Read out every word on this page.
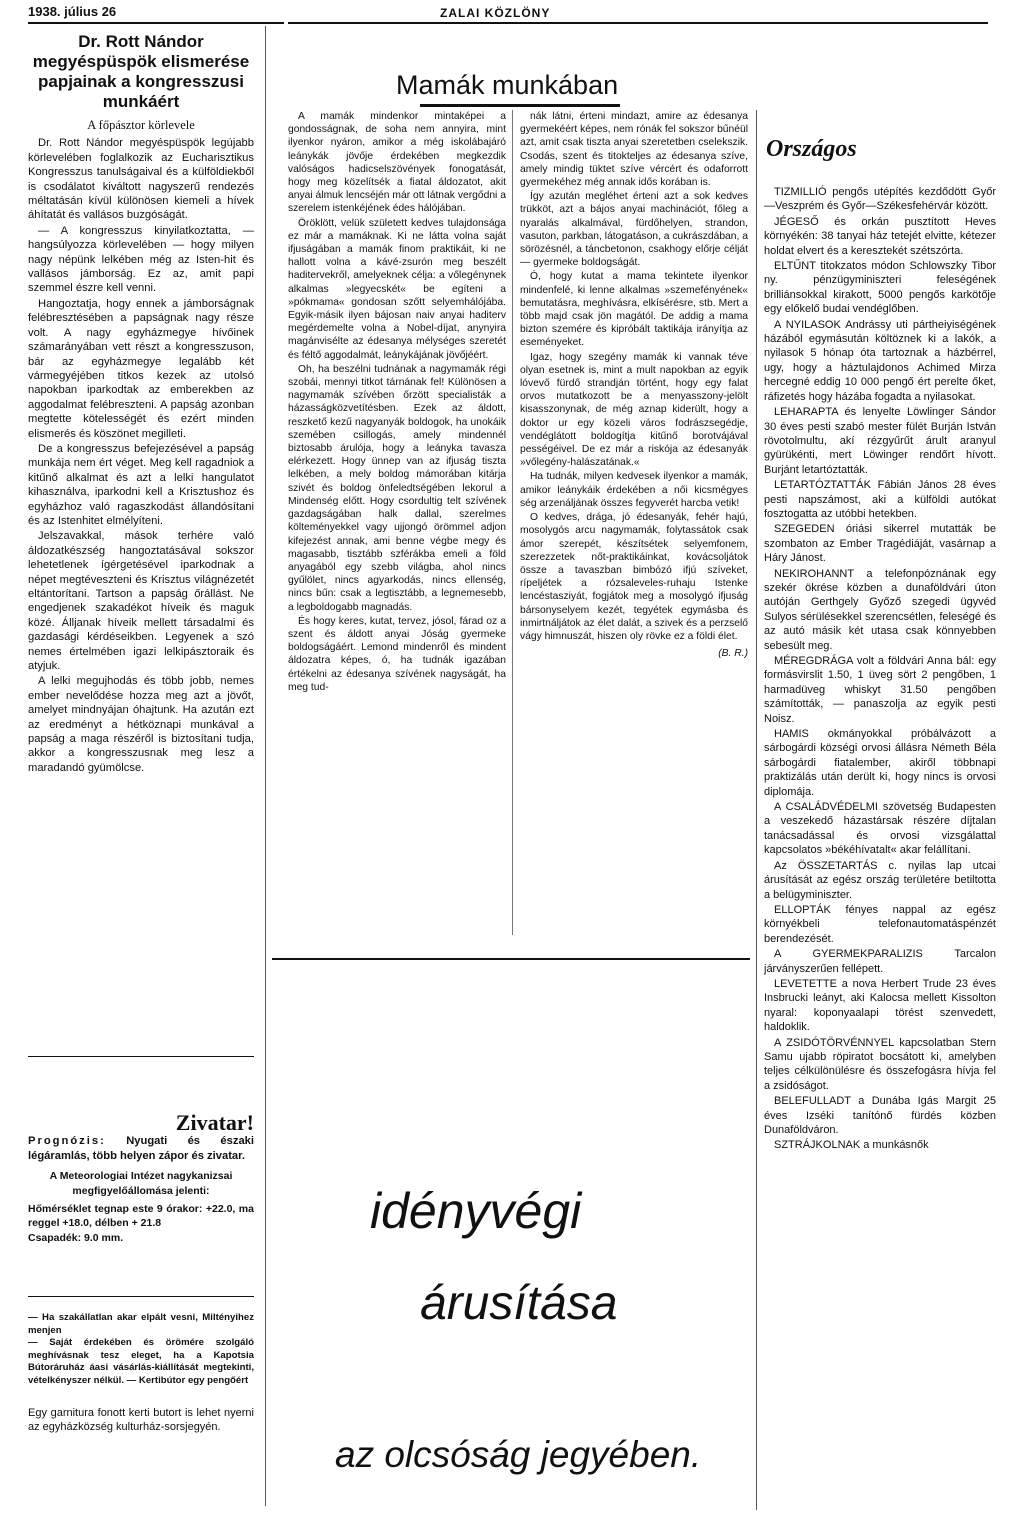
1938. július 26	ZALAI KÖZLÖNY
Dr. Rott Nándor megyéspüspök elismerése papjainak a kongresszusi munkáért
A főpásztor körlevele

Dr. Rott Nándor megyéspüspök legújabb körlevelében foglalkozik az Eucharisztikus Kongresszus tanulságaival és a külföldiekből is csodálatot kiváltott nagyszerű rendezés méltatásán kívül különösen kiemeli a hívek áhítatát és vallásos buzgóságát.

— A kongresszus kinyilatkoztatta, — hangsúlyozza körlevelében — hogy milyen nagy népünk lelkében még az Isten-hit és vallásos jámborság. Ez az, amit papi szemmel észre kell venni.

Hangoztatja, hogy ennek a jámborságnak felébresztésében a papságnak nagy része volt. A nagy egyházmegye hívőinek számarányában vett részt a kongresszuson, bár az egyházmegye legalább két vármegyéjében titkos kezek az utolsó napokban iparkodtak az emberekben az aggodalmat felébreszteni. A papság azonban megtette kötelességét és ezért minden elismerés és köszönet megilleti.

De a kongresszus befejezésével a papság munkája nem ért véget. Meg kell ragadniok a kitűnő alkalmat és azt a lelki hangulatot kihasználva, iparkodni kell a Krisztushoz és egyházhoz való ragaszkodást állandósítani és az Istenhitet elmélyíteni.

Jelszavakkal, mások terhére való áldozatkészség hangoztatásával sokszor lehetetlenek ígérgetésével iparkodnak a népet megtéveszteni és Krisztus világnézetét eltántorítani. Tartson a papság őrállást. Ne engedjenek szakadékot híveik és maguk közé. Álljanak híveik mellett társadalmi és gazdasági kérdéseikben. Legyenek a szó nemes értelmében igazi lelkipásztoraik és atyjuk.

A lelki megujhodás és több jobb, nemes ember nevelődése hozza meg azt a jövőt, amelyet mindnyájan óhajtunk. Ha azután ezt az eredményt a hétköznapi munkával a papság a maga részéről is biztosítani tudja, akkor a kongresszusnak meg lesz a maradandó gyümölcse.

Zivatar!
Prognózis: Nyugati és északi légáramlás, több helyen zápor és zivatar.
A Meteorologiai Intézet nagykanizsai megfigyelőállomása jelenti:
Hőmérséklet tegnap este 9 órakor: +22.0, ma reggel +18.0, délben + 21.8
Csapadék: 9.0 mm.
— Ha szakállatlan akar elpált vesni, Miltényihez menjen
— Saját érdekében és örömére szolgáló meghívásnak tesz eleget, ha a Kapotsia Bútoráruház áasi vásárlás-kiállítását megtekinti, vételkényszer nélkül. — Kertibútor egy pengőért
Egy garnitura fonott kerti butort is lehet nyerni az egyházközség kulturház-sorsjegyén.
Mamák munkában

A mamák mindenkor mintaképei a gondosságnak, de soha nem annyira, mint ilyenkor nyáron, amikor a még iskolábajáró leánykák jövője érdekében megkezdik valóságos hadicselszövények fonogatását, hogy meg közelítsék a fiatal áldozatot, akit anyai álmuk lencséjén már ott látnak vergődni a szerelem istenkéjének édes hálójában.

Öröklött, velük született kedves tulajdonsága ez már a mamáknak. Ki ne látta volna saját ifjuságában a mamák finom praktikáit, ki ne hallott volna a kávé-zsurón meg beszélt haditervekről, amelyeknek célja: a vőlegénynek alkalmas »legyecskét« be egíteni a »pókmama« gondosan szőtt selyemhálójába. Egyik-másik ilyen bájosan naiv anyai haditerv megérdemelte volna a Nobel-díjat, anynyira magánvisélte az édesanya mélységes szeretét és féltő aggodalmát, leánykájának jövőjéért.

Oh, ha beszélni tudnának a nagymamák régi szobái, mennyi titkot tárnának fel! Különösen a nagymamák szívében őrzött specialisták a házasságközvetítésben. Ezek az áldott, reszkető kezű nagyanyák boldogok, ha unokáik szemében csillogás, amely mindennél biztosabb árulója, hogy a leányka tavasza elérkezett. Hogy ünnep van az ifjuság tiszta lelkében, a mely boldog mámorában kitárja szivét és boldog önfeledtségében lekorul a Mindenség előtt. Hogy csordultig telt szívének gazdagságában halk dallal, szerelmes költeményekkel vagy ujjongó örömmel adjon kifejezést annak, ami benne végbe megy és magasabb, tisztább szférákba emeli a föld anyagából egy szebb világba, ahol nincs gyűlölet, nincs agyarkodás, nincs ellenség, nincs bűn: csak a legtisztább, a legnemesebb, a legboldogabb magnadás.

És hogy keres, kutat, tervez, jósol, fárad oz a szent és áldott anyai Jóság gyermeke boldogságáért. Lemond mindenről és mindent áldozatra képes, ó, ha tudnák igazában értékelni az édesanya szívének nagyságát, ha meg tud-

nák látni, érteni mindazt, amire az édesanya gyermekéért képes, nem rónák fel sokszor bűnéül azt, amit csak tiszta anyai szeretetben cselekszik. Csodás, szent és titokteljes az édesanya szíve, amely mindig tüktet szíve vércért és odaforrott gyermekéhez még annak idős korában is.

Így azután megléhet érteni azt a sok kedves trükköt, azt a bájos anyai machinációt, főleg a nyaralás alkalmával, fürdőhelyen, strandon, vasuton, parkban, látogatáson, a cukrászdában, a sörözésnél, a táncbetonon, csakhogy előrje célját — gyermeke boldogságát.

Ó, hogy kutat a mama tekintete ilyenkor mindenfelé, ki lenne alkalmas »szemefényének« bemutatásra, meghívásra, elkísérésre, stb. Mert a több majd csak jön magától. De addig a mama bizton szemére és kipróbált taktikája irányítja az eseményeket.

Igaz, hogy szegény mamák ki vannak téve olyan esetnek is, mint a mult napokban az egyik lóvevő fürdő strandján történt, hogy egy falat orvos mutatkozott be a menyasszony-jelölt kisasszonynak, de még aznap kiderült, hogy a doktor ur egy közeli város fodrászsegédje, vendéglátott boldogítja kitűnő borotvájával pességéivel. De ez már a riskója az édesanyák »vőlegény-halászatának.«

Ha tudnák, milyen kedvesek ilyenkor a mamák, amikor leánykáik érdekében a női kicsmégyes ség arzenáljának összes fegyverét harcba vetik!

O kedves, drága, jó édesanyák, fehér hajú, mosolygós arcu nagymamák, folytassátok csak ámor szerepét, készítsétek selyemfonem, szerezzetek nőt-praktikáinkat, kovácsoljátok össze a tavaszban bimbózó ifjú szíveket, rípeljétek a rózsaleveles-ruhaju Istenke lencéstasziyát, fogjátok meg a mosolygó ifjuság bársonyselyem kezét, tegyétek egymásba és inmirtnáljátok az élet dalát, a szivek és a perzselő vágy himnuszát, hiszen oly rövke ez a földi élet.

(B. R.)
idényvégi
árusítása
az olcsóság jegyében.
Országos

TIZMILLIÓ pengős utépítés kezdődött Győr—Veszprém és Győr—Székesfehérvár között.

JÉGESŐ és orkán pusztított Heves környékén: 38 tanyai ház tetejét elvitte, kétezer holdat elvert és a keresztekét szétszórta.

ELTŰNT titokzatos módon Schlowszky Tibor ny. pénzügyminiszteri feleségének brilliánsokkal kirakott, 5000 pengős karkötője egy előkelő budai vendéglőben.

A NYILASOK Andrássy uti pártheiyiségének házából egymásután költöznek ki a lakók, a nyilasok 5 hónap óta tartoznak a házbérrel, ugy, hogy a háztulajdonos Achimed Mirza hercegné eddig 10 000 pengő ért perelte őket, ráfizetés hogy házába fogadta a nyilasokat.

LEHARAPTA és lenyelte Löwlinger Sándor 30 éves pesti szabó mester fülét Burján István rövotolmultu, akí rézgyűrűt árult aranyul gyürükénti, mert Löwinger rendőrt hívott. Burjánt letartóztatták.

LETARTÓZTATTÁK Fábián János 28 éves pesti napszámost, aki a külföldi autókat fosztogatta az utóbbi hetekben.

SZEGEDEN óriási sikerrel mutatták be szombaton az Ember Tragédiáját, vasárnap a Háry Jánost.

NEKIROHANNT a telefonpóznának egy szekér ökrése közben a dunaföldvári úton autóján Gerthgely Győző szegedi ügyvéd Sulyos sérülésekkel szerencsétlen, feleségé és az autó másik két utasa csak könnyebben sebesült meg.

MÉREGDRÁGA volt a földvári Anna bál: egy formásvirslit 1.50, 1 üveg sört 2 pengőben, 1 harmadüveg whiskyt 31.50 pengőben számították, — panaszolja az egyik pesti Noisz.

HAMIS okmányokkal próbálvázott a sárbogárdi községi orvosi állásra Németh Béla sárbogárdi fiatalember, akiről többnapi praktizálás után derült ki, hogy nincs is orvosi diplomája.

A CSALÁDVÉDELMI szövetség Budapesten a veszekedő házastársak részére díjtalan tanácsadással és orvosi vizsgálattal kapcsolatos »békéhívatalt« akar felállítani.

Az ÖSSZETARTÁS c. nyilas lap utcai árusítását az egész ország területére betiltotta a belügyminiszter.

ELLOPTÁK fényes nappal az egész környékbeli telefonautomatáspénzét berendezését.

A GYERMEKPARALIZIS Tarcalon járványszerűen fellépett.

LEVETETTE a nova Herbert Trude 23 éves Insbrucki leányt, aki Kalocsa mellett Kissolton nyaral: koponyaalapi törést szenvedett, haldoklik.

A ZSIDÓTÖRVÉNNYEL kapcsolatban Stern Samu ujabb röpiratot bocsátott ki, amelyben teljes célkülönülésre és összefogásra hívja fel a zsidóságot.

BELEFULLADT a Dunába Igás Margit 25 éves Izséki tanítónő fürdés közben Dunaföldváron.

SZTRÁJKOLNAK a munkásnők
